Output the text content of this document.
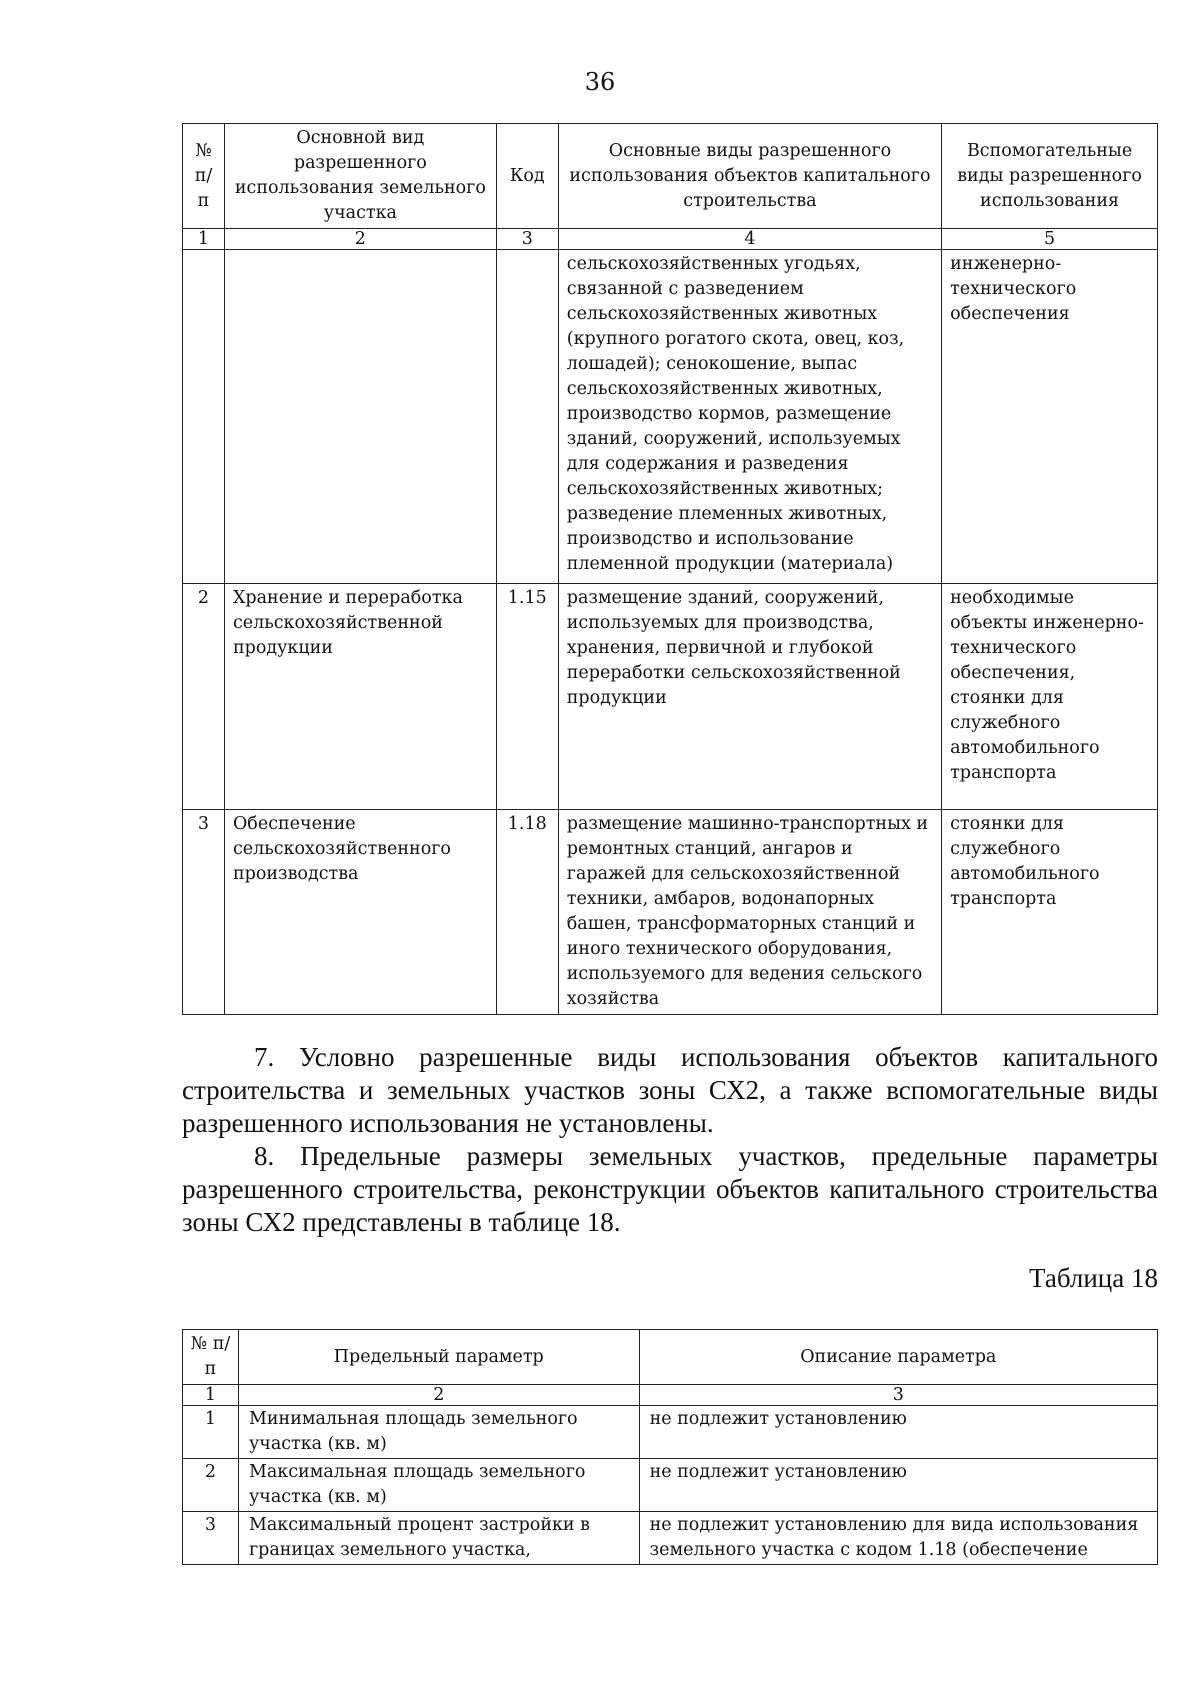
36
№ п/п	Основной вид разрешенного использования земельного участка	Код	Основные виды разрешенного использования объектов капитального строительства	Вспомогательные виды разрешенного использования
1	2	3	4	5
			сельскохозяйственных угодьях, связанной с разведением сельскохозяйственных животных (крупного рогатого скота, овец, коз, лошадей); сенокошение, выпас сельскохозяйственных животных, производство кормов, размещение зданий, сооружений, используемых для содержания и разведения сельскохозяйственных животных; разведение племенных животных, производство и использование племенной продукции (материала)	инженерно-технического обеспечения
2	Хранение и переработка сельскохозяйственной продукции	1.15	размещение зданий, сооружений, используемых для производства, хранения, первичной и глубокой переработки сельскохозяйственной продукции	необходимые объекты инженерно-технического обеспечения, стоянки для служебного автомобильного транспорта
3	Обеспечение сельскохозяйственного производства	1.18	размещение машинно-транспортных и ремонтных станций, ангаров и гаражей для сельскохозяйственной техники, амбаров, водонапорных башен, трансформаторных станций и иного технического оборудования, используемого для ведения сельского хозяйства	стоянки для служебного автомобильного транспорта

7. Условно разрешенные виды использования объектов капитального строительства и земельных участков зоны СХ2, а также вспомогательные виды разрешенного использования не установлены.

8. Предельные размеры земельных участков, предельные параметры разрешенного строительства, реконструкции объектов капитального строительства зоны СХ2 представлены в таблице 18.

Таблица 18
№ п/п	Предельный параметр	Описание параметра
1	2	3
1	Минимальная площадь земельного участка (кв. м)	не подлежит установлению
2	Максимальная площадь земельного участка (кв. м)	не подлежит установлению
3	Максимальный процент застройки в границах земельного участка,	не подлежит установлению для вида использования земельного участка с кодом 1.18 (обеспечение
